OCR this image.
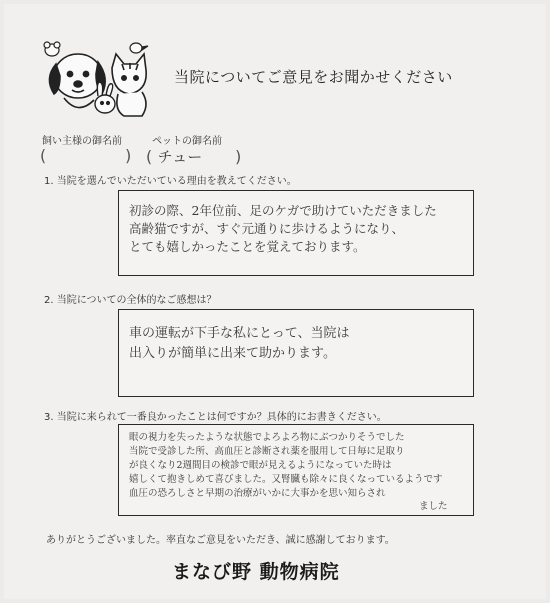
当院についてご意見をお聞かせください
飼い主様の御名前	ペットの御名前
(	) ( チュー )
1. 当院を選んでいただいている理由を教えてください。
初診の際、2年位前、足のケガで助けていただきました
高齢猫ですが、すぐ元通りに歩けるようになり、
とても嬉しかったことを覚えております。
2. 当院についての全体的なご感想は？
車の運転が下手な私にとって、当院は
出入りが簡単に出来て助かります。
3. 当院に来られて一番良かったことは何ですか？具体的にお書きください。
眼の視力を失ったような状態でよろよろ物にぶつかりそうでした
当院で受診した所、高血圧と診断され薬を服用して日毎に足取り
が良くなり2週間目の検診で眼が見えるようになっていた時は
嬉しくて抱きしめて喜びました。又腎臓も除々に良くなっているようです
血圧の恐ろしさと早期の治療がいかに大事かを思い知らされ
ました
ありがとうございました。率直なご意見をいただき、誠に感謝しております。
まなび野 動物病院
